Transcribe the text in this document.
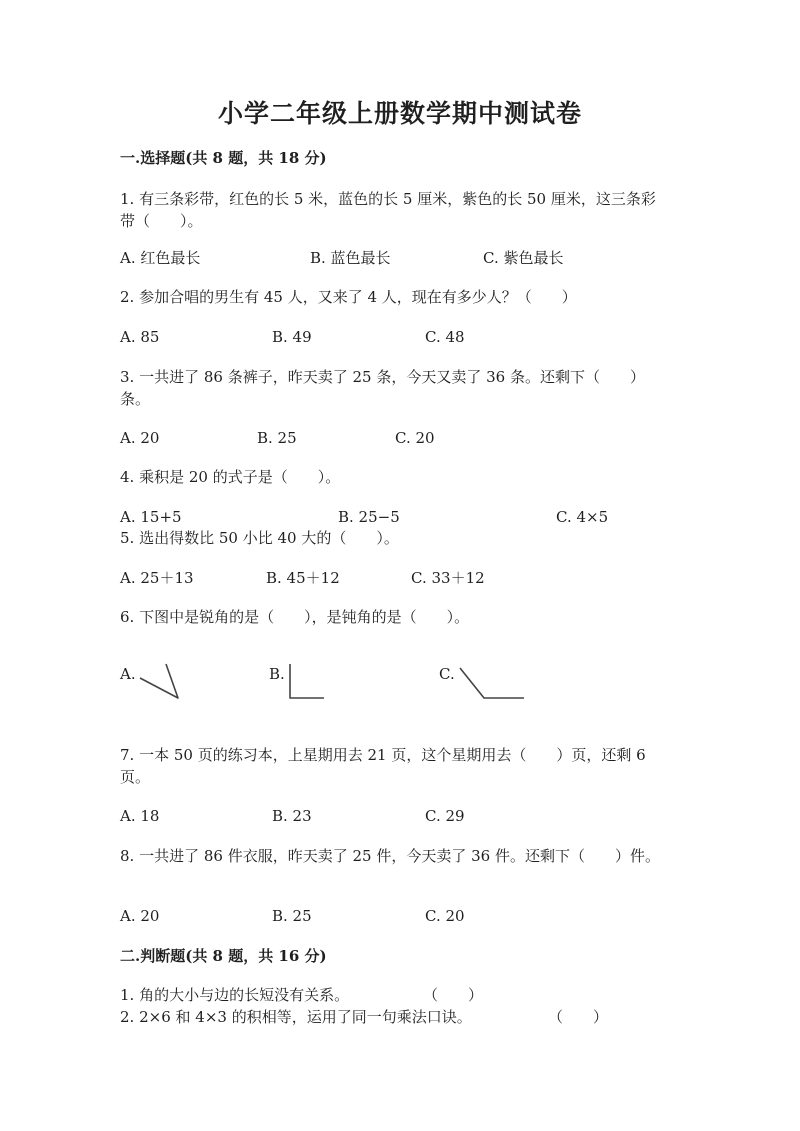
小学二年级上册数学期中测试卷
一.选择题(共 8 题，共 18 分)
1. 有三条彩带，红色的长 5 米，蓝色的长 5 厘米，紫色的长 50 厘米，这三条彩
带（　　）。
A. 红色最长	B. 蓝色最长	C. 紫色最长
2. 参加合唱的男生有 45 人，又来了 4 人，现在有多少人？（　　）
A. 85	B. 49	C. 48
3. 一共进了 86 条裤子，昨天卖了 25 条，今天又卖了 36 条。还剩下（　　）
条。
A. 20	B. 25	C. 20
4. 乘积是 20 的式子是（　　）。
A. 15+5	B. 25−5	C. 4×5
5. 选出得数比 50 小比 40 大的（　　）。
A. 25＋13	B. 45＋12	C. 33＋12
6. 下图中是锐角的是（　　），是钝角的是（　　）。
A.	B.	C.
7. 一本 50 页的练习本，上星期用去 21 页，这个星期用去（　　）页，还剩 6
页。
A. 18	B. 23	C. 29
8. 一共进了 86 件衣服，昨天卖了 25 件，今天卖了 36 件。还剩下（　　）件。
A. 20	B. 25	C. 20
二.判断题(共 8 题，共 16 分)
1. 角的大小与边的长短没有关系。	（　　）
2. 2×6 和 4×3 的积相等，运用了同一句乘法口诀。	（　　）
